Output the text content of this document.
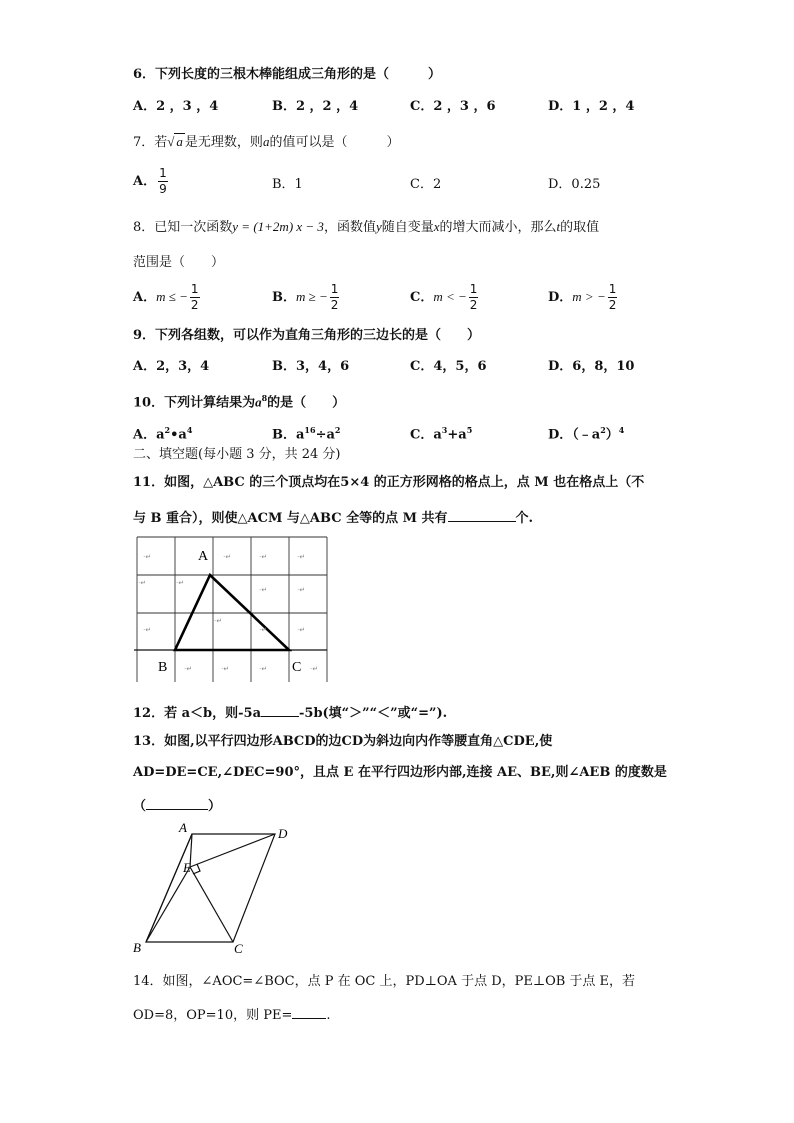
6．下列长度的三根木棒能组成三角形的是（　　　）
A．2 ，3 ，4	B．2 ，2 ，4	C．2 ，3 ，6	D．1 ，2 ，4
7．若√ a 是无理数，则a的值可以是（　　　）
A． $\frac{1}{9}$	B．1	C．2	D．0.25
8．已知一次函数y = (1+2m) x − 3，函数值y随自变量x的增大而减小，那么t的取值
范围是（　　）
A．m ≤ − $\frac{1}{2}$	B．m ≥ − $\frac{1}{2}$	C．m < − $\frac{1}{2}$	D．m > − $\frac{1}{2}$
9．下列各组数，可以作为直角三角形的三边长的是（　　）
A．2，3，4	B．3，4，6	C．4，5，6	D．6，8，10
10．下列计算结果为$a^8$的是（　　）
A．$a^2•a^4$	B．$a^{16}\div a^2$	C．$a^3+a^5$	D．$(﹣a^2)^4$
二、填空题(每小题 3 分，共 24 分)
11．如图，△ABC 的三个顶点均在5×4 的正方形网格的格点上，点 M 也在格点上（不
与 B 重合），则使△ACM 与△ABC 全等的点 M 共有	个.
A
B	C
·↵	·↵	·↵	·↵
·↵	·↵
·↵	·↵
·↵
·↵
·↵	·↵
·↵	·↵	·↵	·↵
12．若 a＜b，则-5a	-5b(填“＞”“＜”或“=”).
13．如图,以平行四边形ABCD的边CD为斜边向内作等腰直角△CDE,使
AD=DE=CE,∠DEC=90°，且点 E 在平行四边形内部,连接 AE、BE,则∠AEB 的度数是
（	）
A	D
E
B	C
14．如图，∠AOC=∠BOC，点 P 在 OC 上，PD⊥OA 于点 D，PE⊥OB 于点 E，若
OD=8，OP=10，则 PE=	.
